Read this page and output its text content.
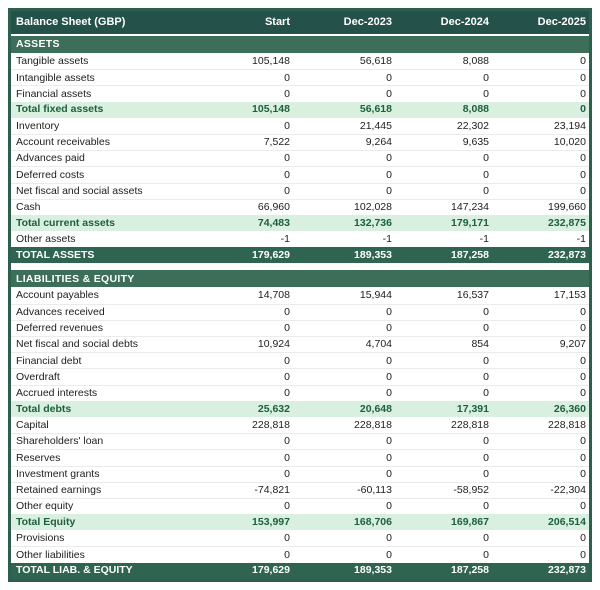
Balance Sheet (GBP)	Start	Dec-2023	Dec-2024	Dec-2025
ASSETS
Tangible assets	105,148	56,618	8,088	0
Intangible assets	0	0	0	0
Financial assets	0	0	0	0
Total fixed assets	105,148	56,618	8,088	0
Inventory	0	21,445	22,302	23,194
Account receivables	7,522	9,264	9,635	10,020
Advances paid	0	0	0	0
Deferred costs	0	0	0	0
Net fiscal and social assets	0	0	0	0
Cash	66,960	102,028	147,234	199,660
Total current assets	74,483	132,736	179,171	232,875
Other assets	-1	-1	-1	-1
TOTAL ASSETS	179,629	189,353	187,258	232,873
LIABILITIES & EQUITY
Account payables	14,708	15,944	16,537	17,153
Advances received	0	0	0	0
Deferred revenues	0	0	0	0
Net fiscal and social debts	10,924	4,704	854	9,207
Financial debt	0	0	0	0
Overdraft	0	0	0	0
Accrued interests	0	0	0	0
Total debts	25,632	20,648	17,391	26,360
Capital	228,818	228,818	228,818	228,818
Shareholders' loan	0	0	0	0
Reserves	0	0	0	0
Investment grants	0	0	0	0
Retained earnings	-74,821	-60,113	-58,952	-22,304
Other equity	0	0	0	0
Total Equity	153,997	168,706	169,867	206,514
Provisions	0	0	0	0
Other liabilities	0	0	0	0
TOTAL LIAB. & EQUITY	179,629	189,353	187,258	232,873
